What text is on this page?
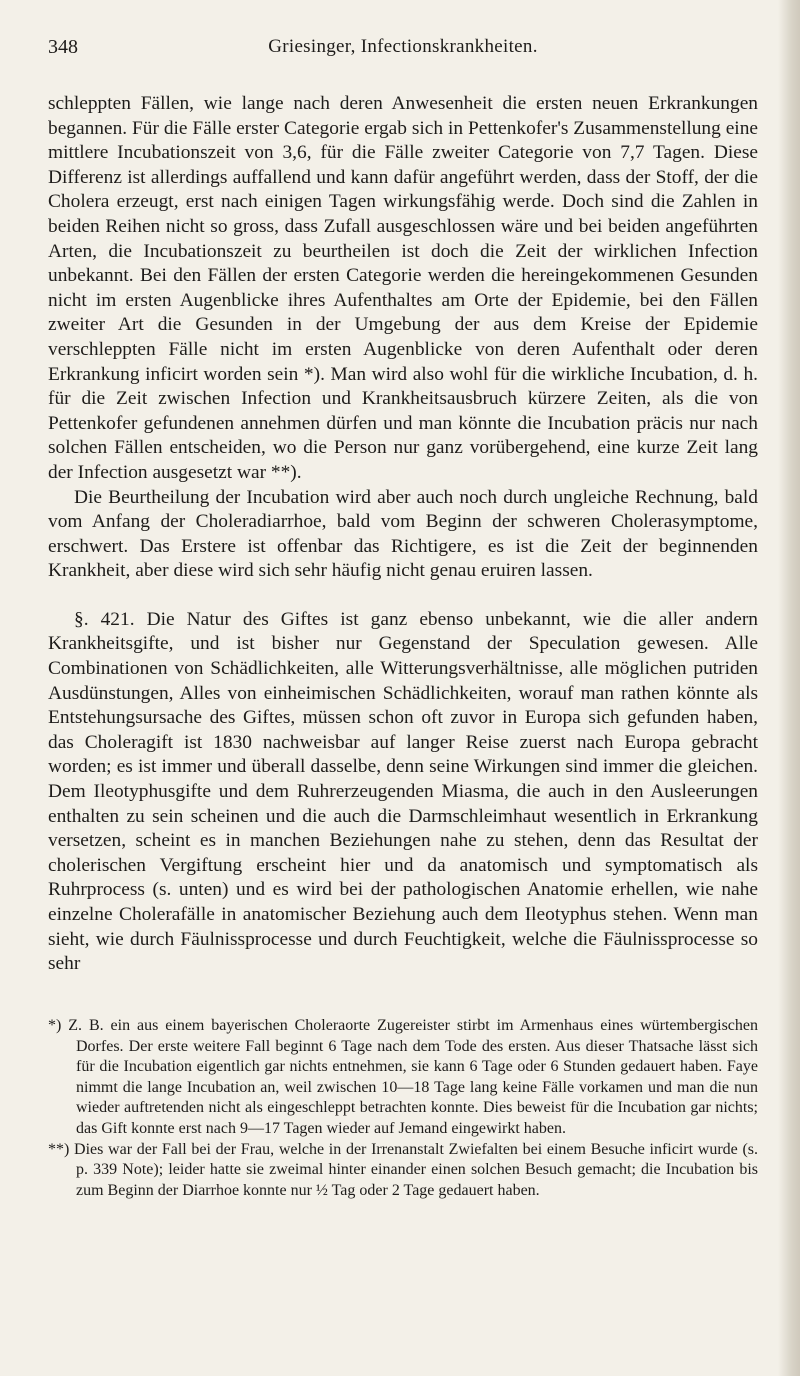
348	Griesinger, Infectionskrankheiten.

schleppten Fällen, wie lange nach deren Anwesenheit die ersten neuen Erkrankungen begannen. Für die Fälle erster Categorie ergab sich in Pettenkofer's Zusammenstellung eine mittlere Incubationszeit von 3,6, für die Fälle zweiter Categorie von 7,7 Tagen. Diese Differenz ist allerdings auffallend und kann dafür angeführt werden, dass der Stoff, der die Cholera erzeugt, erst nach einigen Tagen wirkungsfähig werde. Doch sind die Zahlen in beiden Reihen nicht so gross, dass Zufall ausgeschlossen wäre und bei beiden angeführten Arten, die Incubationszeit zu beurtheilen ist doch die Zeit der wirklichen Infection unbekannt. Bei den Fällen der ersten Categorie werden die hereingekommenen Gesunden nicht im ersten Augenblicke ihres Aufenthaltes am Orte der Epidemie, bei den Fällen zweiter Art die Gesunden in der Umgebung der aus dem Kreise der Epidemie verschleppten Fälle nicht im ersten Augenblicke von deren Aufenthalt oder deren Erkrankung inficirt worden sein *). Man wird also wohl für die wirkliche Incubation, d. h. für die Zeit zwischen Infection und Krankheitsausbruch kürzere Zeiten, als die von Pettenkofer gefundenen annehmen dürfen und man könnte die Incubation präcis nur nach solchen Fällen entscheiden, wo die Person nur ganz vorübergehend, eine kurze Zeit lang der Infection ausgesetzt war **).

Die Beurtheilung der Incubation wird aber auch noch durch ungleiche Rechnung, bald vom Anfang der Choleradiarrhoe, bald vom Beginn der schweren Cholerasymptome, erschwert. Das Erstere ist offenbar das Richtigere, es ist die Zeit der beginnenden Krankheit, aber diese wird sich sehr häufig nicht genau eruiren lassen.

§. 421. Die Natur des Giftes ist ganz ebenso unbekannt, wie die aller andern Krankheitsgifte, und ist bisher nur Gegenstand der Speculation gewesen. Alle Combinationen von Schädlichkeiten, alle Witterungsverhältnisse, alle möglichen putriden Ausdünstungen, Alles von einheimischen Schädlichkeiten, worauf man rathen könnte als Entstehungsursache des Giftes, müssen schon oft zuvor in Europa sich gefunden haben, das Choleragift ist 1830 nachweisbar auf langer Reise zuerst nach Europa gebracht worden; es ist immer und überall dasselbe, denn seine Wirkungen sind immer die gleichen. Dem Ileotyphusgifte und dem Ruhrerzeugenden Miasma, die auch in den Ausleerungen enthalten zu sein scheinen und die auch die Darmschleimhaut wesentlich in Erkrankung versetzen, scheint es in manchen Beziehungen nahe zu stehen, denn das Resultat der cholerischen Vergiftung erscheint hier und da anatomisch und symptomatisch als Ruhrprocess (s. unten) und es wird bei der pathologischen Anatomie erhellen, wie nahe einzelne Cholerafälle in anatomischer Beziehung auch dem Ileotyphus stehen. Wenn man sieht, wie durch Fäulnissprocesse und durch Feuchtigkeit, welche die Fäulnissprocesse so sehr

*) Z. B. ein aus einem bayerischen Choleraorte Zugereister stirbt im Armenhaus eines würtembergischen Dorfes. Der erste weitere Fall beginnt 6 Tage nach dem Tode des ersten. Aus dieser Thatsache lässt sich für die Incubation eigentlich gar nichts entnehmen, sie kann 6 Tage oder 6 Stunden gedauert haben. Faye nimmt die lange Incubation an, weil zwischen 10—18 Tage lang keine Fälle vorkamen und man die nun wieder auftretenden nicht als eingeschleppt betrachten konnte. Dies beweist für die Incubation gar nichts; das Gift konnte erst nach 9—17 Tagen wieder auf Jemand eingewirkt haben.

**) Dies war der Fall bei der Frau, welche in der Irrenanstalt Zwiefalten bei einem Besuche inficirt wurde (s. p. 339 Note); leider hatte sie zweimal hinter einander einen solchen Besuch gemacht; die Incubation bis zum Beginn der Diarrhoe konnte nur ½ Tag oder 2 Tage gedauert haben.
